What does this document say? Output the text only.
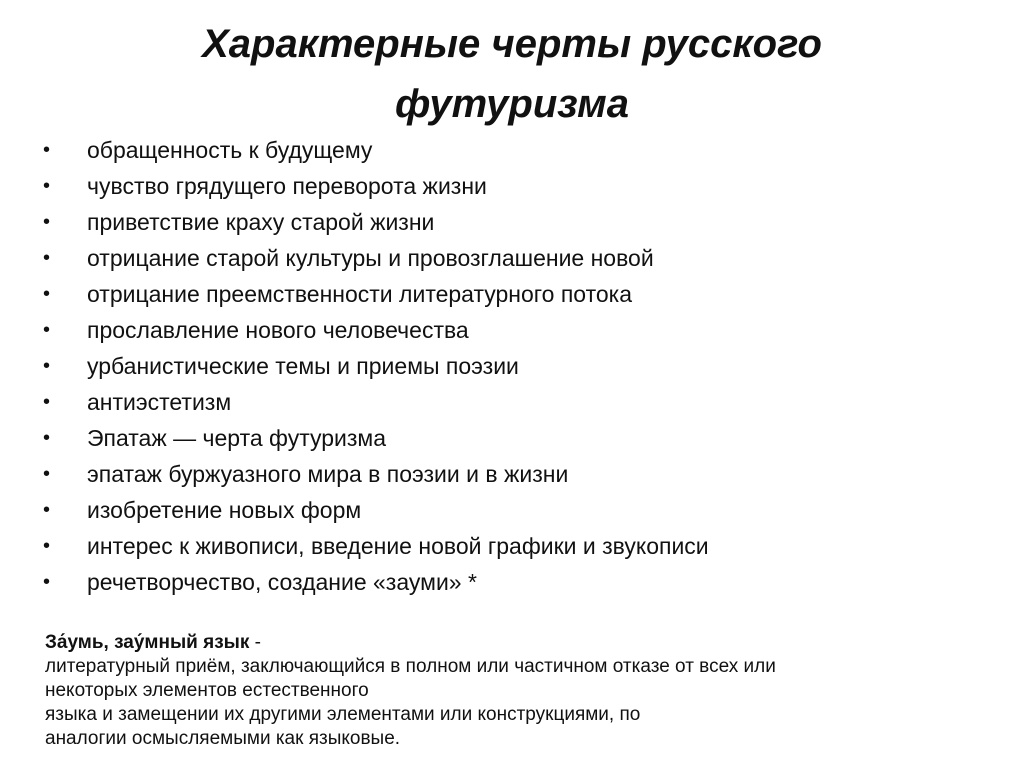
Характерные черты русского
футуризма
• обращенность к будущему
• чувство грядущего переворота жизни
• приветствие краху старой жизни
• отрицание старой культуры и провозглашение новой
• отрицание преемственности литературного потока
• прославление нового человечества
• урбанистические темы и приемы поэзии
• антиэстетизм
• Эпатаж — черта футуризма
• эпатаж буржуазного мира в поэзии и в жизни
• изобретение новых форм
• интерес к живописи, введение новой графики и звукописи
• речетворчество, создание «зауми» *
За́умь, зау́мный язык -
литературный приём, заключающийся в полном или частичном отказе от всех или
некоторых элементов естественного
языка и замещении их другими элементами или конструкциями, по
аналогии осмысляемыми как языковые.
